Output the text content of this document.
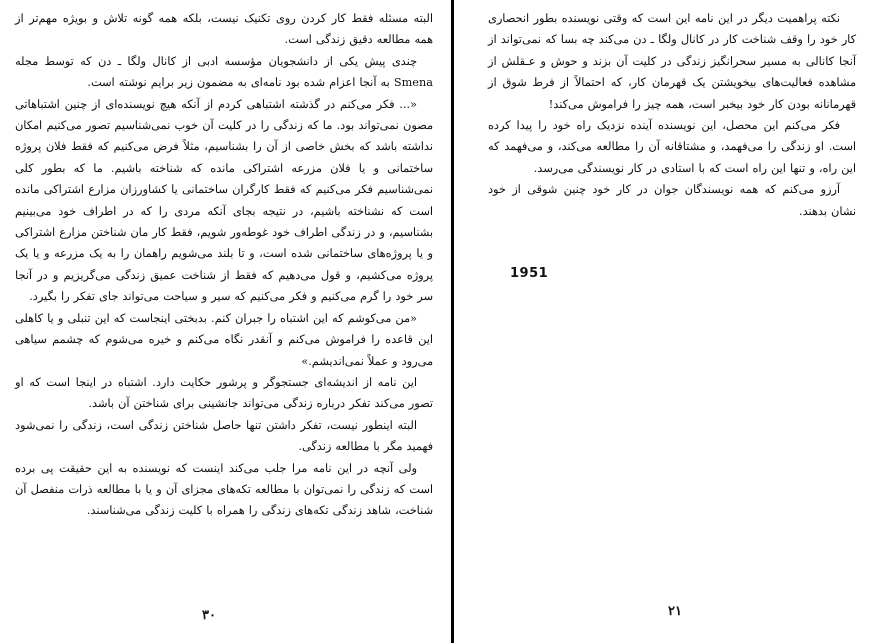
البته مسئله فقط کار کردن روی تکنیک نیست، بلکه همه گونه تلاش و بویژه مهم‌تر از همه مطالعه دقیق زندگی است.

چندی پیش یکی از دانشجویان مؤسسه ادبی از کانال ولگا ـ دن که توسط مجله Smena به آنجا اعزام شده بود نامه‌ای به مضمون زیر برایم نوشته است.

«... فکر می‌کنم در گذشته اشتباهی کردم از آنکه هیچ نویسنده‌ای از چنین اشتباهاتی مصون نمی‌تواند بود. ما که زندگی را در کلیت آن خوب نمی‌شناسیم تصور می‌کنیم امکان نداشته باشد که بخش خاصی از آن را بشناسیم، مثلاً فرض می‌کنیم که فقط فلان پروژه ساختمانی و یا فلان مزرعه اشتراکی مانده که شناخته باشیم. ما که بطور کلی نمی‌شناسیم فکر می‌کنیم که فقط کارگران ساختمانی یا کشاورزان مزارع اشتراکی مانده است که نشناخته باشیم، در نتیجه بجای آنکه مردی را که در اطراف خود می‌بینیم بشناسیم، و در زندگی اطراف خود غوطه‌ور شویم، فقط کار مان شناختن مزارع اشتراکی و یا پروژه‌های ساختمانی شده است، و تا بلند می‌شویم راهمان را به یک مزرعه و یا یک پروژه می‌کشیم، و قول می‌دهیم که فقط از شناخت عمیق زندگی می‌گریزیم و در آنجا سر خود را گرم می‌کنیم و فکر می‌کنیم که سیر و سیاحت می‌تواند جای تفکر را بگیرد.

«من می‌کوشم که این اشتباه را جبران کنم. بدبختی اینجاست که این تنبلی و یا کاهلی این قاعده را فراموش می‌کنم و آنقدر نگاه می‌کنم و خیره می‌شوم که چشمم سیاهی می‌رود و عملاً نمی‌اندیشم.»

این نامه از اندیشه‌ای جستجوگر و پرشور حکایت دارد. اشتباه در اینجا است که او تصور می‌کند تفکر درباره زندگی می‌تواند جانشینی برای شناختن آن باشد.

البته اینطور نیست، تفکر داشتن تنها حاصل شناختن زندگی است، زندگی را نمی‌شود فهمید مگر با مطالعه زندگی.

ولی آنچه در این نامه مرا جلب می‌کند اینست که نویسنده به این حقیقت پی برده است که زندگی را نمی‌توان با مطالعه تکه‌های مجزای آن و یا با مطالعه ذرات منفصل آن شناخت، شاهد زندگی تکه‌های زندگی را همراه با کلیت زندگی می‌شناسند.

۳۰

نکته پراهمیت دیگر در این نامه این است که وقتی نویسنده بطور انحصاری کار خود را وقف شناخت کار در کانال ولگا ـ دن می‌کند چه بسا که نمی‌تواند از آنجا کانالی به مسیر سحرانگیز زندگی در کلیت آن بزند و حوش و عـقلش از مشاهده فعالیت‌های بیخویشتن یک قهرمان کار، که احتمالاً از فرط شوق از قهرمانانه بودن کار خود بیخبر است، همه چیز را فراموش می‌کند!

فکر می‌کنم این محصل، این نویسنده آینده نزدیک راه خود را پیدا کرده است. او زندگی را می‌فهمد، و مشتاقانه آن را مطالعه می‌کند، و می‌فهمد که این راه، و تنها این راه است که با استادی در کار نویسندگی می‌رسد.

آرزو می‌کنم که همه نویسندگان جوان در کار خود چنین شوقی از خود نشان بدهند.

1951
۲۱
